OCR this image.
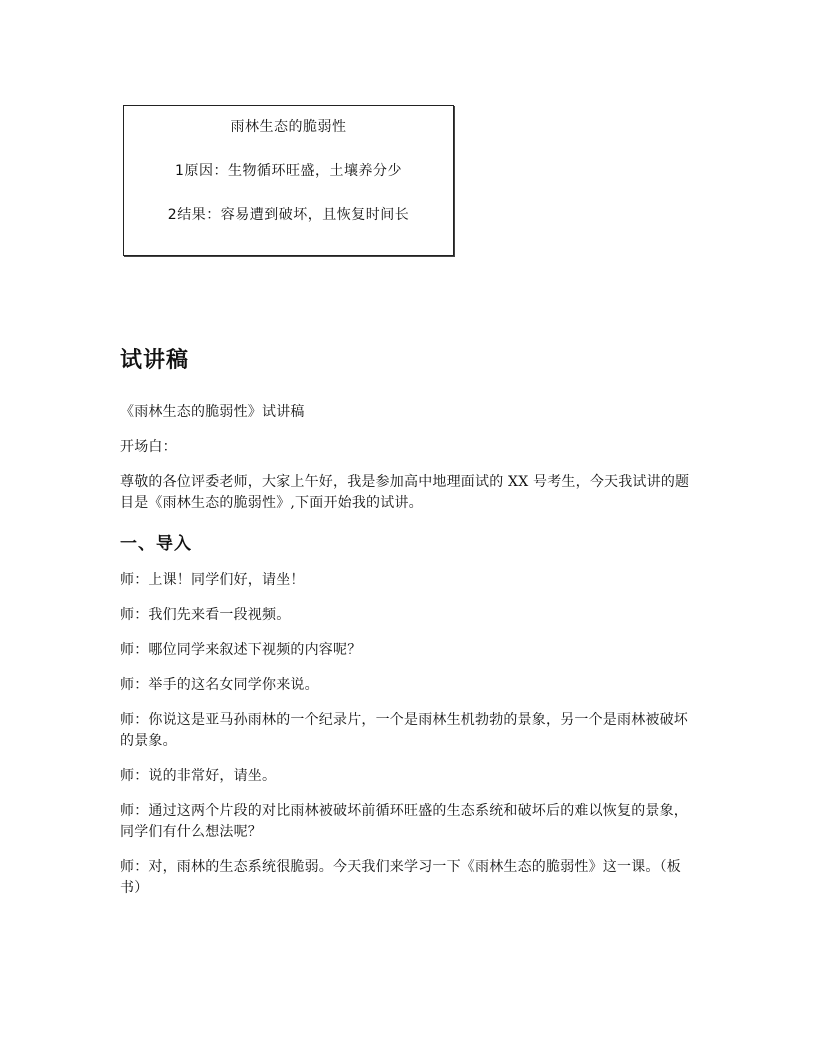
雨林生态的脆弱性
1原因：生物循环旺盛，土壤养分少
2结果：容易遭到破坏，且恢复时间长
试讲稿
《雨林生态的脆弱性》试讲稿
开场白：
尊敬的各位评委老师，大家上午好，我是参加高中地理面试的 XX 号考生，今天我试讲的题目是《雨林生态的脆弱性》,下面开始我的试讲。
一、导入
师：上课！同学们好，请坐！
师：我们先来看一段视频。
师：哪位同学来叙述下视频的内容呢？
师：举手的这名女同学你来说。
师：你说这是亚马孙雨林的一个纪录片，一个是雨林生机勃勃的景象，另一个是雨林被破坏的景象。
师：说的非常好，请坐。
师：通过这两个片段的对比雨林被破坏前循环旺盛的生态系统和破坏后的难以恢复的景象，同学们有什么想法呢？
师：对，雨林的生态系统很脆弱。今天我们来学习一下《雨林生态的脆弱性》这一课。（板书）
